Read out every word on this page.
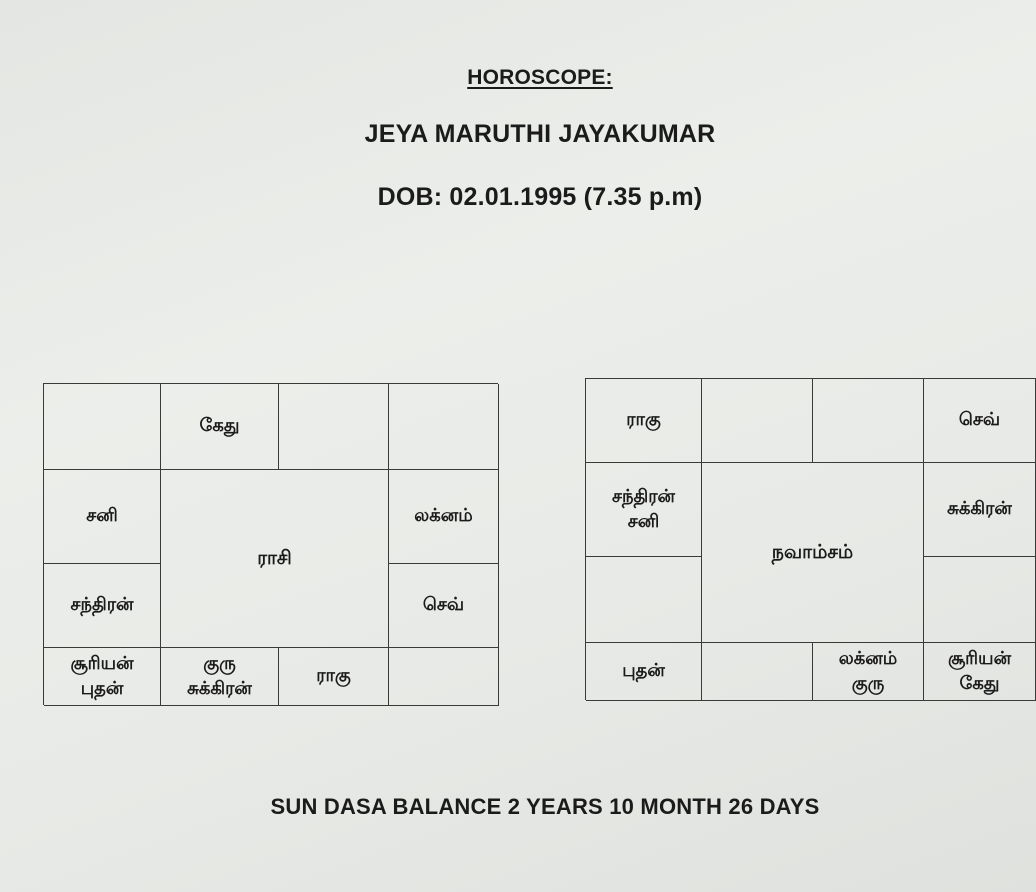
HOROSCOPE:
JEYA MARUTHI JAYAKUMAR
DOB: 02.01.1995 (7.35 p.m)
கேது
சனி
ராசி
லக்னம்
சந்திரன்	செவ்
சூரியன்
புதன்
குரு
சுக்கிரன்
ராகு
ராகு	செவ்
சந்திரன்
சனி
நவாம்சம்
சுக்கிரன்
புதன்
லக்னம்
குரு
சூரியன்
கேது
SUN DASA BALANCE 2 YEARS 10 MONTH 26 DAYS
